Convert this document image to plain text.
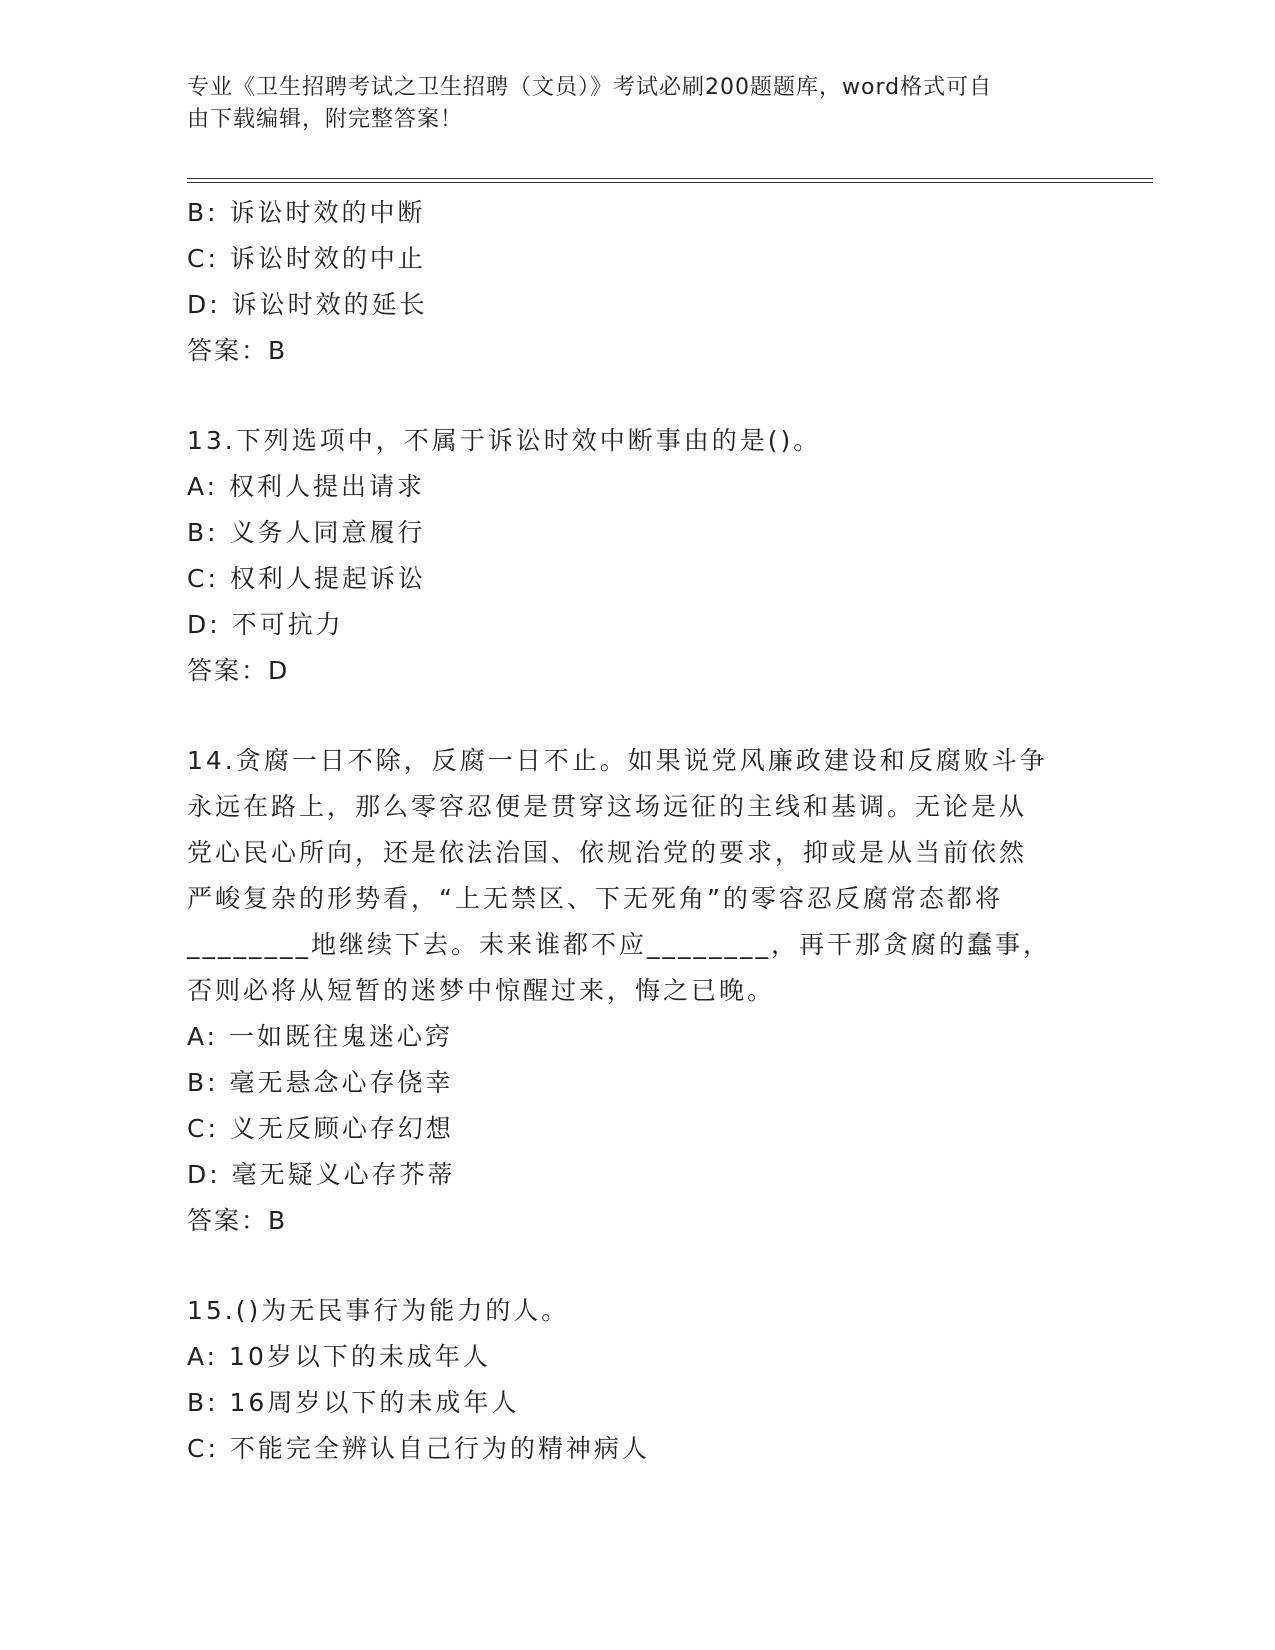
专业《卫生招聘考试之卫生招聘（文员）》考试必刷200题题库，word格式可自
由下载编辑，附完整答案！
B: 诉讼时效的中断
C: 诉讼时效的中止
D: 诉讼时效的延长
答案：B
13.下列选项中，不属于诉讼时效中断事由的是()。
A: 权利人提出请求
B: 义务人同意履行
C: 权利人提起诉讼
D: 不可抗力
答案：D
14.贪腐一日不除，反腐一日不止。如果说党风廉政建设和反腐败斗争
永远在路上，那么零容忍便是贯穿这场远征的主线和基调。无论是从
党心民心所向，还是依法治国、依规治党的要求，抑或是从当前依然
严峻复杂的形势看，“上无禁区、下无死角”的零容忍反腐常态都将
________地继续下去。未来谁都不应________，再干那贪腐的蠢事，
否则必将从短暂的迷梦中惊醒过来，悔之已晚。
A: 一如既往鬼迷心窍
B: 毫无悬念心存侥幸
C: 义无反顾心存幻想
D: 毫无疑义心存芥蒂
答案：B
15.()为无民事行为能力的人。
A: 10岁以下的未成年人
B: 16周岁以下的未成年人
C: 不能完全辨认自己行为的精神病人
